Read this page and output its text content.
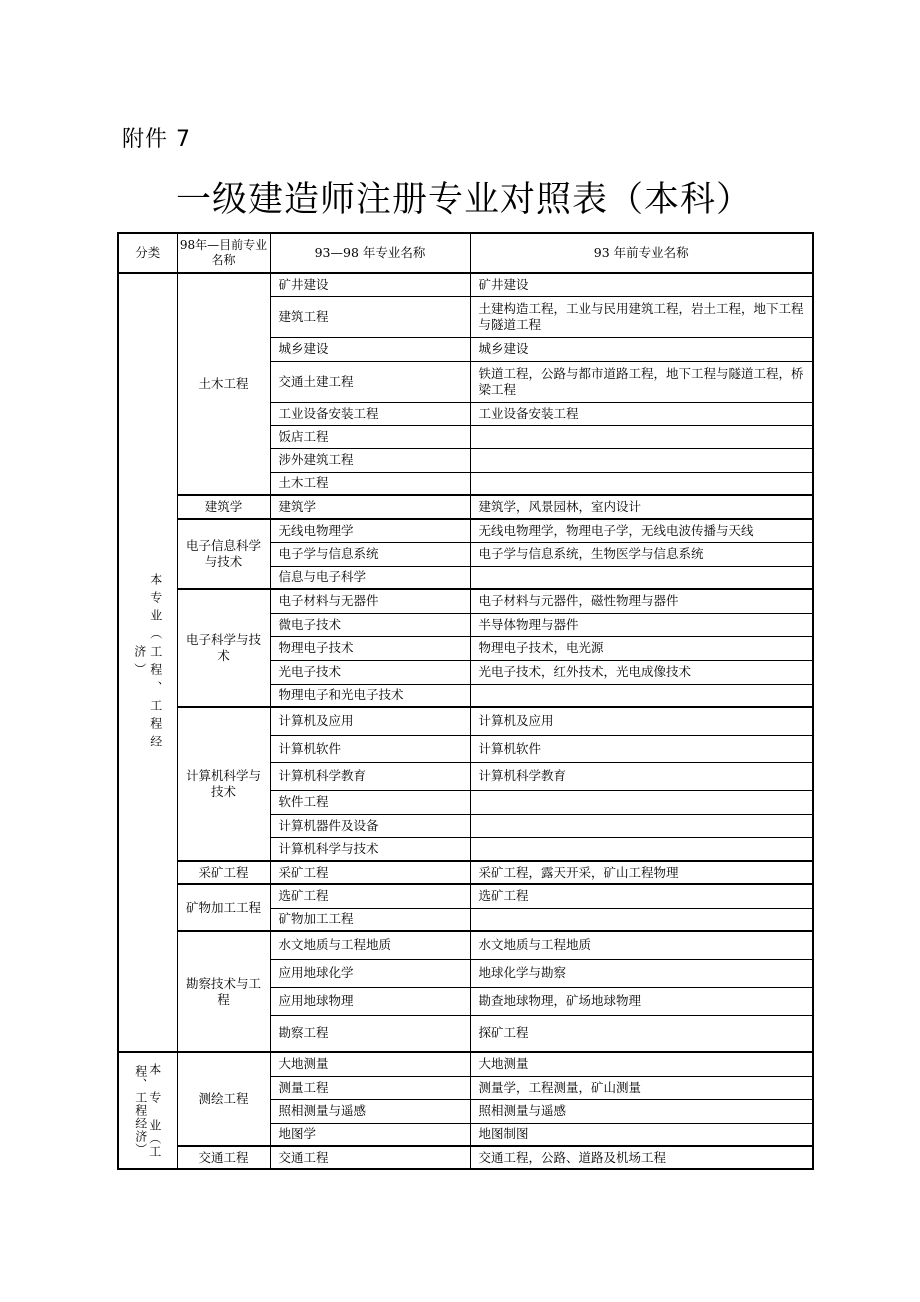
附件 7
一级建造师注册专业对照表（本科）
分类	98年—目前专业名称	93—98 年专业名称	93 年前专业名称

本专业（工程、工程经济）	土木工程	矿井建设	矿井建设
		建筑工程	土建构造工程，工业与民用建筑工程，岩土工程，地下工程与隧道工程
		城乡建设	城乡建设
		交通土建工程	铁道工程，公路与都市道路工程，地下工程与隧道工程，桥梁工程
		工业设备安装工程	工业设备安装工程
		饭店工程	
		涉外建筑工程	
		土木工程	
	建筑学	建筑学	建筑学，风景园林，室内设计
	电子信息科学与技术	无线电物理学	无线电物理学，物理电子学，无线电波传播与天线
		电子学与信息系统	电子学与信息系统，生物医学与信息系统
		信息与电子科学	
	电子科学与技术	电子材料与无器件	电子材料与元器件，磁性物理与器件
		微电子技术	半导体物理与器件
		物理电子技术	物理电子技术，电光源
		光电子技术	光电子技术，红外技术，光电成像技术
		物理电子和光电子技术	
	计算机科学与技术	计算机及应用	计算机及应用
		计算机软件	计算机软件
		计算机科学教育	计算机科学教育
		软件工程	
		计算机器件及设备	
		计算机科学与技术	
	采矿工程	采矿工程	采矿工程，露天开采，矿山工程物理
	矿物加工工程	选矿工程	选矿工程
		矿物加工工程	
	勘察技术与工程	水文地质与工程地质	水文地质与工程地质
		应用地球化学	地球化学与勘察
		应用地球物理	勘查地球物理，矿场地球物理
		勘察工程	探矿工程

本 专 业（工
程、工程经济）	测绘工程	大地测量	大地测量
		测量工程	测量学，工程测量，矿山测量
		照相测量与遥感	照相测量与遥感
		地图学	地图制图
	交通工程	交通工程	交通工程，公路、道路及机场工程
